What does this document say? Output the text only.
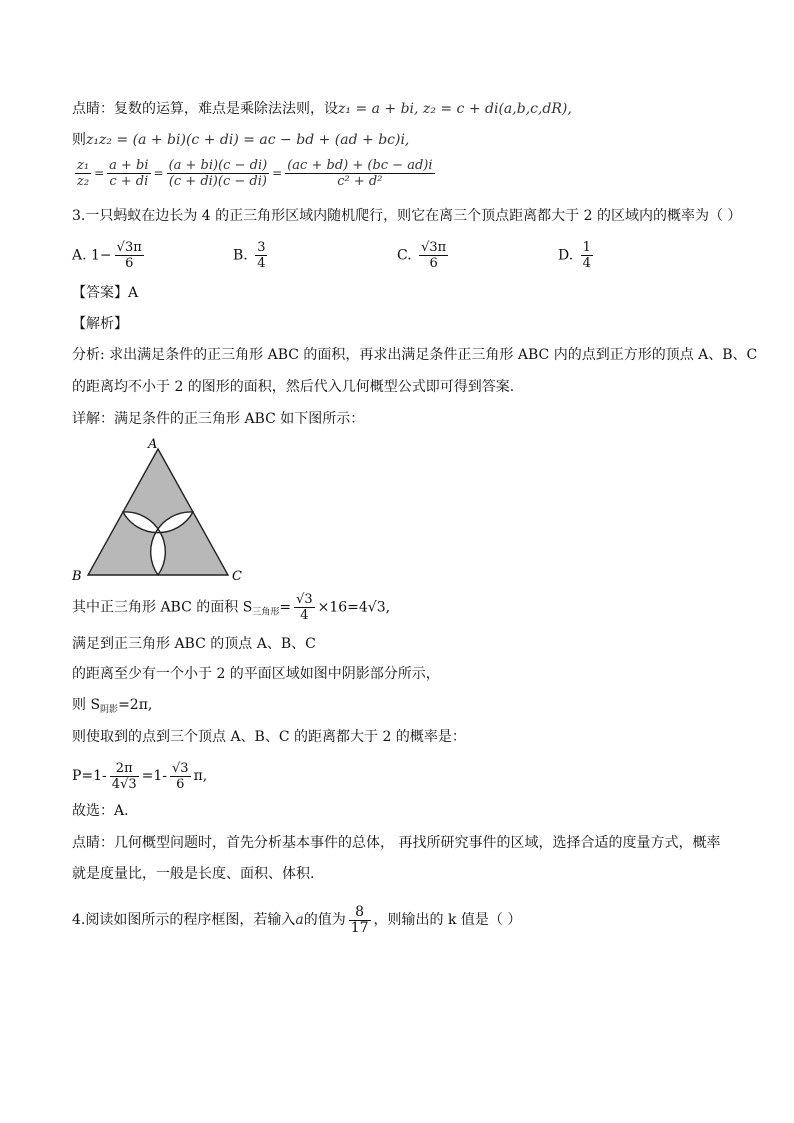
点睛：复数的运算，难点是乘除法法则，设z₁ = a + bi, z₂ = c + di(a,b,c,dR),
则z₁z₂ = (a + bi)(c + di) = ac − bd + (ad + bc)i,
$\frac{\text{z₁}}{\text{z₂}} = \frac{a + bi}{c + di} = \frac{(a + bi)(c - di)}{(c + di)(c - di)} = \frac{(ac + bd) + (bc - ad)i}{\text{c² + d²}}$
3.一只蚂蚁在边长为 4 的正三角形区域内随机爬行，则它在离三个顶点距离都大于 2 的区域内的概率为（ ）
A. $1- \frac{√3\pi}{6}$	B. $\frac{3}{4}$	C. $\frac{√3\pi}{6}$	D. $\frac{1}{4}$
【答案】A
【解析】
分析: 求出满足条件的正三角形 ABC 的面积，再求出满足条件正三角形 ABC 内的点到正方形的顶点 A、B、C
的距离均不小于 2 的图形的面积，然后代入几何概型公式即可得到答案.
详解：满足条件的正三角形 ABC 如下图所示：
A
B	C
其中正三角形 ABC 的面积 $S_{三角形}= \frac{√3}{4} \times 16=4√3$,
满足到正三角形 ABC 的顶点 A、B、C
的距离至少有一个小于 2 的平面区域如图中阴影部分所示，
则 $S_{阴影}=2\pi$,
则使取到的点到三个顶点 A、B、C 的距离都大于 2 的概率是：
$P=1- \frac{2\pi}{4√3} =1- \frac{√3}{6} \pi$,
故选：A.
点睛：几何概型问题时，首先分析基本事件的总体， 再找所研究事件的区域，选择合适的度量方式，概率
就是度量比，一般是长度、面积、体积.
4.阅读如图所示的程序框图，若输入a的值为 $\frac{8}{17}$ ，则输出的 k 值是（ ）
